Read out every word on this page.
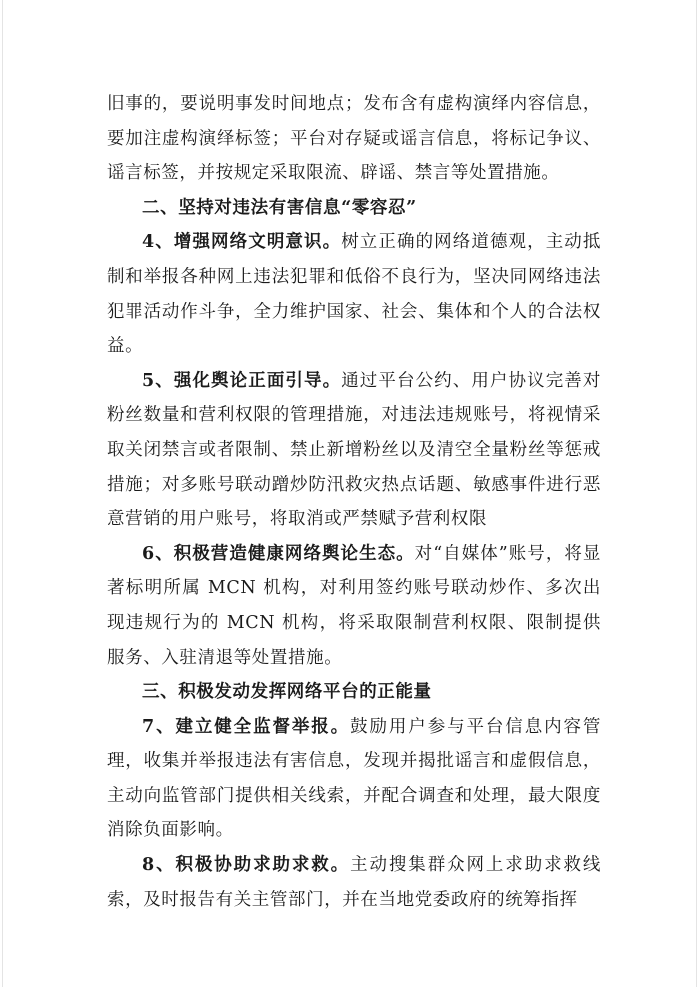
旧事的，要说明事发时间地点；发布含有虚构演绎内容信息，要加注虚构演绎标签；平台对存疑或谣言信息，将标记争议、谣言标签，并按规定采取限流、辟谣、禁言等处置措施。

二、坚持对违法有害信息“零容忍”

4、增强网络文明意识。树立正确的网络道德观，主动抵制和举报各种网上违法犯罪和低俗不良行为，坚决同网络违法犯罪活动作斗争，全力维护国家、社会、集体和个人的合法权益。

5、强化舆论正面引导。通过平台公约、用户协议完善对粉丝数量和营利权限的管理措施，对违法违规账号，将视情采取关闭禁言或者限制、禁止新增粉丝以及清空全量粉丝等惩戒措施；对多账号联动蹭炒防汛救灾热点话题、敏感事件进行恶意营销的用户账号，将取消或严禁赋予营利权限

6、积极营造健康网络舆论生态。对“自媒体”账号，将显著标明所属 MCN 机构，对利用签约账号联动炒作、多次出现违规行为的 MCN 机构，将采取限制营利权限、限制提供服务、入驻清退等处置措施。

三、积极发动发挥网络平台的正能量

7、建立健全监督举报。鼓励用户参与平台信息内容管理，收集并举报违法有害信息，发现并揭批谣言和虚假信息，主动向监管部门提供相关线索，并配合调查和处理，最大限度消除负面影响。

8、积极协助求助求救。主动搜集群众网上求助求救线索，及时报告有关主管部门，并在当地党委政府的统筹指挥
